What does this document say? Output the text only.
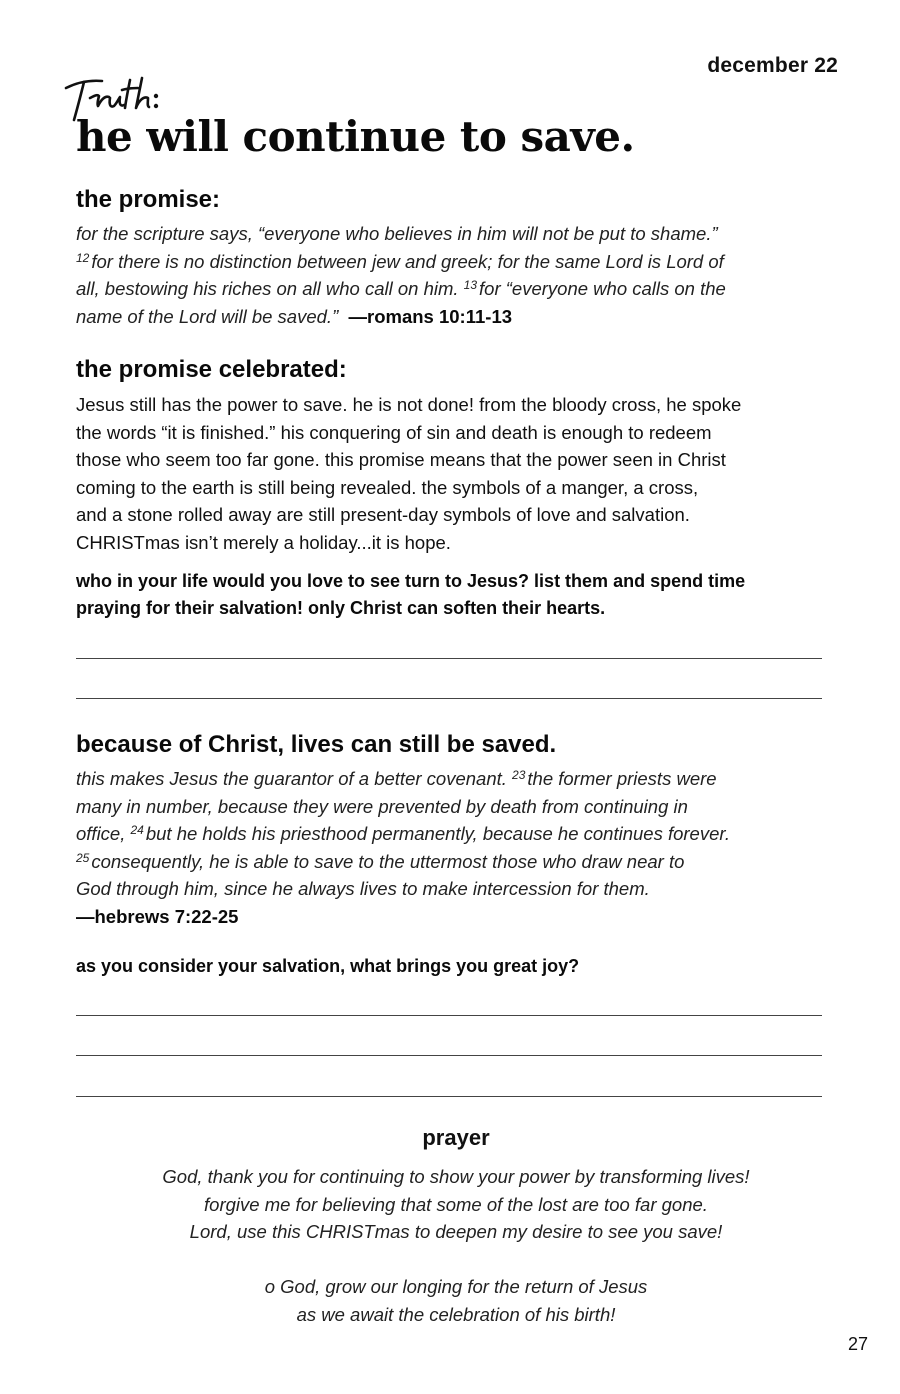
december 22
he will continue to save.
the promise:
for the scripture says, “everyone who believes in him will not be put to shame.”
$^{12}$ for there is no distinction between jew and greek; for the same Lord is Lord of
all, bestowing his riches on all who call on him. $^{13}$ for “everyone who calls on the
name of the Lord will be saved.” —romans 10:11-13
the promise celebrated:
Jesus still has the power to save. he is not done! from the bloody cross, he spoke
the words “it is finished.” his conquering of sin and death is enough to redeem
those who seem too far gone. this promise means that the power seen in Christ
coming to the earth is still being revealed. the symbols of a manger, a cross,
and a stone rolled away are still present-day symbols of love and salvation.
CHRISTmas isn’t merely a holiday...it is hope.
who in your life would you love to see turn to Jesus? list them and spend time
praying for their salvation! only Christ can soften their hearts.
because of Christ, lives can still be saved.
this makes Jesus the guarantor of a better covenant. $^{23}$ the former priests were
many in number, because they were prevented by death from continuing in
office, $^{24}$ but he holds his priesthood permanently, because he continues forever.
$^{25}$ consequently, he is able to save to the uttermost those who draw near to
God through him, since he always lives to make intercession for them.
—hebrews 7:22-25
as you consider your salvation, what brings you great joy?
prayer
God, thank you for continuing to show your power by transforming lives!
forgive me for believing that some of the lost are too far gone.
Lord, use this CHRISTmas to deepen my desire to see you save!
o God, grow our longing for the return of Jesus
as we await the celebration of his birth!
27
